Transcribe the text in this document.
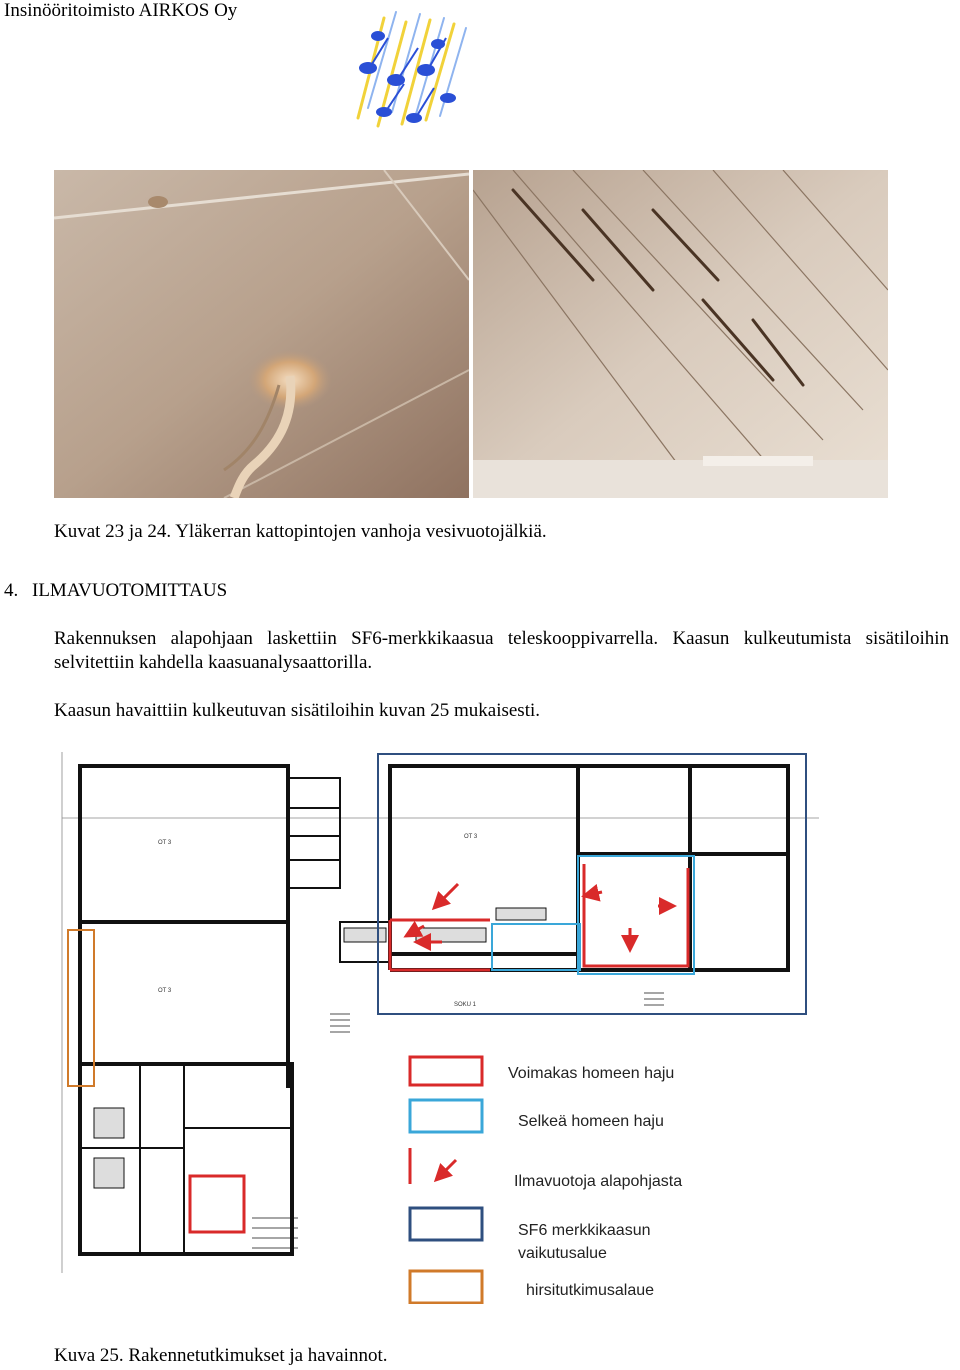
Insinööritoimisto AIRKOS Oy
Kuvat 23 ja 24. Yläkerran kattopintojen vanhoja vesivuotojälkiä.
4. ILMAVUOTOMITTAUS
Rakennuksen alapohjaan laskettiin SF6-merkkikaasua teleskooppivarrella. Kaasun kulkeutumista sisätiloihin selvitettiin kahdella kaasuanalysaattorilla.
Kaasun havaittiin kulkeutuvan sisätiloihin kuvan 25 mukaisesti.
OT 3
OT 3
OT 3
SOKU 1
Voimakas homeen haju
Selkeä homeen haju
Ilmavuotoja alapohjasta
SF6 merkkikaasun
vaikutusalue
hirsitutkimusalaue
Kuva 25. Rakennetutkimukset ja havainnot.
